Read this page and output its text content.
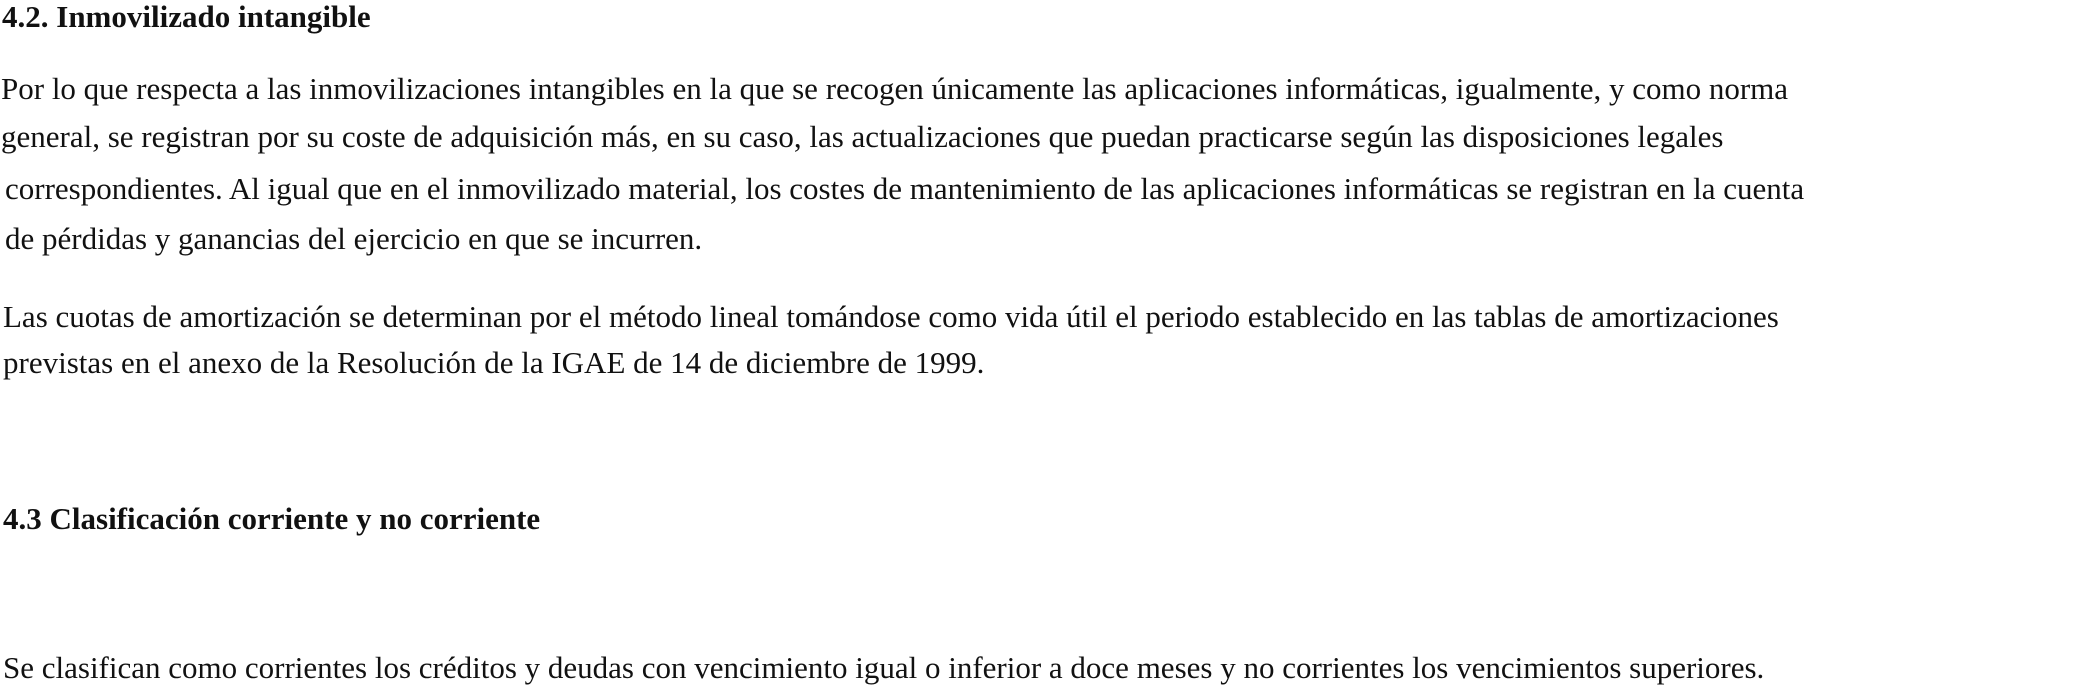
4.2. Inmovilizado intangible

Por lo que respecta a las inmovilizaciones intangibles en la que se recogen únicamente las aplicaciones informáticas, igualmente, y como norma

general, se registran por su coste de adquisición más, en su caso, las actualizaciones que puedan practicarse según las disposiciones legales

correspondientes. Al igual que en el inmovilizado material, los costes de mantenimiento de las aplicaciones informáticas se registran en la cuenta

de pérdidas y ganancias del ejercicio en que se incurren.

Las cuotas de amortización se determinan por el método lineal tomándose como vida útil el periodo establecido en las tablas de amortizaciones

previstas en el anexo de la Resolución de la IGAE de 14 de diciembre de 1999.

4.3 Clasificación corriente y no corriente

Se clasifican como corrientes los créditos y deudas con vencimiento igual o inferior a doce meses y no corrientes los vencimientos superiores.
